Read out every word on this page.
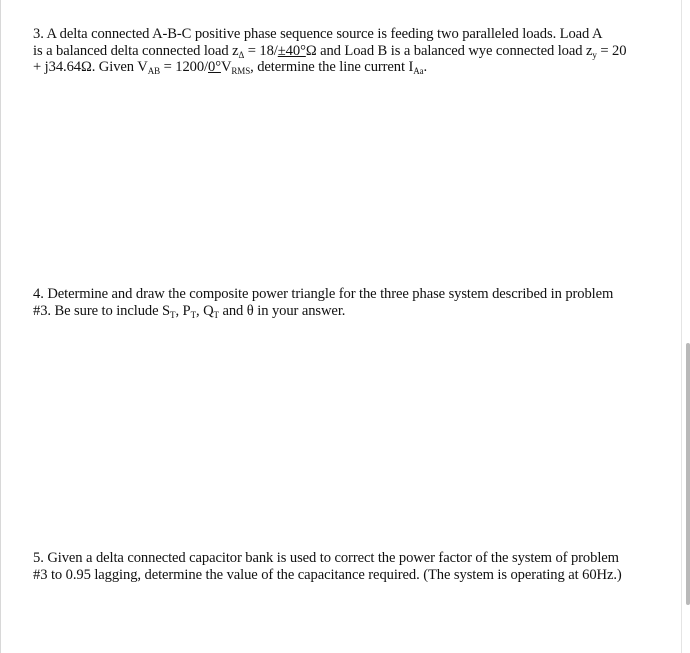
3. A delta connected A-B-C positive phase sequence source is feeding two paralleled loads. Load A
is a balanced delta connected load $z_\Delta = 18/\pm 40^\circ\Omega$ and Load B is a balanced wye connected load $z_y = 20$
+ j34.64Ω. Given $V_{AB} = 1200/0^\circ V_{RMS}$, determine the line current $I_{Aa}$.
4. Determine and draw the composite power triangle for the three phase system described in problem
#3. Be sure to include $S_T$, $P_T$, $Q_T$ and θ in your answer.
5. Given a delta connected capacitor bank is used to correct the power factor of the system of problem
#3 to 0.95 lagging, determine the value of the capacitance required. (The system is operating at 60Hz.)
